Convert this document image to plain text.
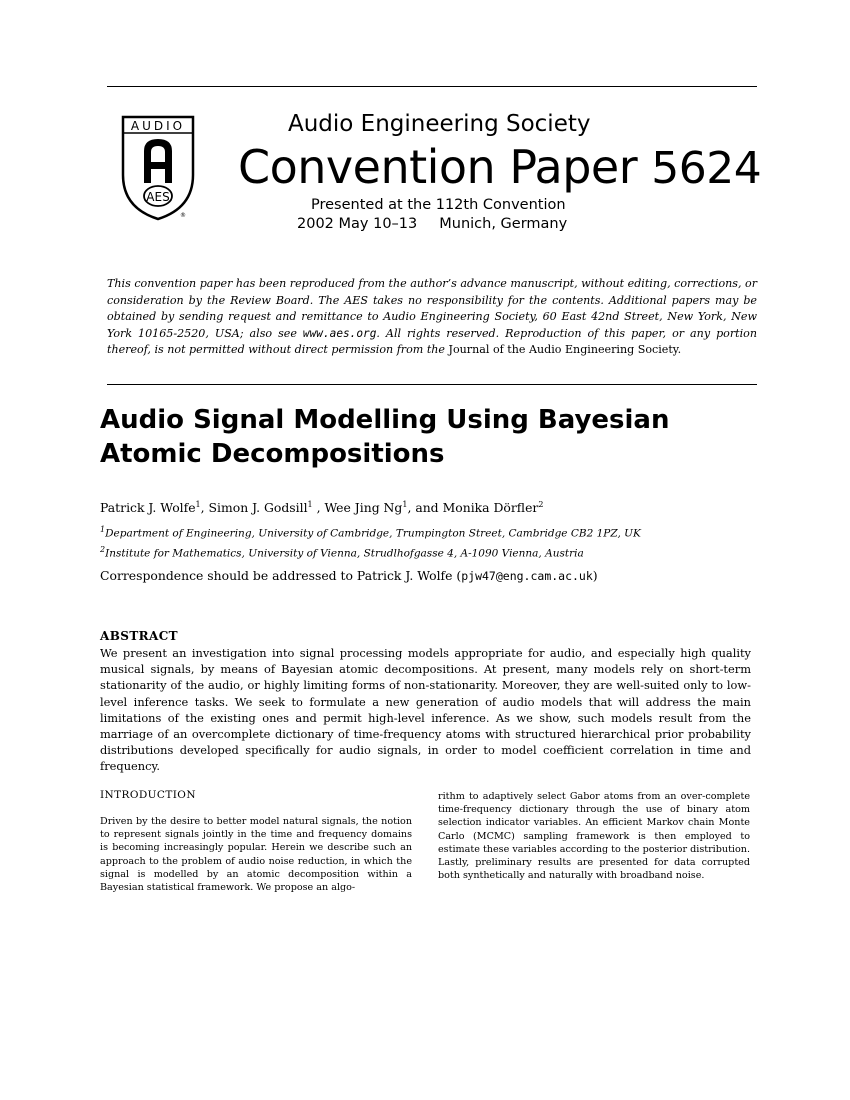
AUDIO
AES
®
Audio Engineering Society
Convention Paper 5624
Presented at the 112th Convention
2002 May 10–13 Munich, Germany
This convention paper has been reproduced from the author’s advance manuscript, without editing, corrections, or consideration by the Review Board. The AES takes no responsibility for the contents. Additional papers may be obtained by sending request and remittance to Audio Engineering Society, 60 East 42nd Street, New York, New York 10165-2520, USA; also see www.aes.org. All rights reserved. Reproduction of this paper, or any portion thereof, is not permitted without direct permission from the Journal of the Audio Engineering Society.
Audio Signal Modelling Using Bayesian
Atomic Decompositions
Patrick J. Wolfe$^1$, Simon J. Godsill$^1$ , Wee Jing Ng$^1$, and Monika Dörfler$^2$
$^1$Department of Engineering, University of Cambridge, Trumpington Street, Cambridge CB2 1PZ, UK
$^2$Institute for Mathematics, University of Vienna, Strudlhofgasse 4, A-1090 Vienna, Austria
Correspondence should be addressed to Patrick J. Wolfe (pjw47@eng.cam.ac.uk)
ABSTRACT
We present an investigation into signal processing models appropriate for audio, and especially high quality musical signals, by means of Bayesian atomic decompositions. At present, many models rely on short-term stationarity of the audio, or highly limiting forms of non-stationarity. Moreover, they are well-suited only to low-level inference tasks. We seek to formulate a new generation of audio models that will address the main limitations of the existing ones and permit high-level inference. As we show, such models result from the marriage of an overcomplete dictionary of time-frequency atoms with structured hierarchical prior probability distributions developed specifically for audio signals, in order to model coefficient correlation in time and frequency.
INTRODUCTION
Driven by the desire to better model natural signals, the notion to represent signals jointly in the time and frequency domains is becoming increasingly popular. Herein we describe such an approach to the problem of audio noise reduction, in which the signal is modelled by an atomic decomposition within a Bayesian statistical framework. We propose an algo-
rithm to adaptively select Gabor atoms from an over-complete time-frequency dictionary through the use of binary atom selection indicator variables. An efficient Markov chain Monte Carlo (MCMC) sampling framework is then employed to estimate these variables according to the posterior distribution. Lastly, preliminary results are presented for data corrupted both synthetically and naturally with broadband noise.
